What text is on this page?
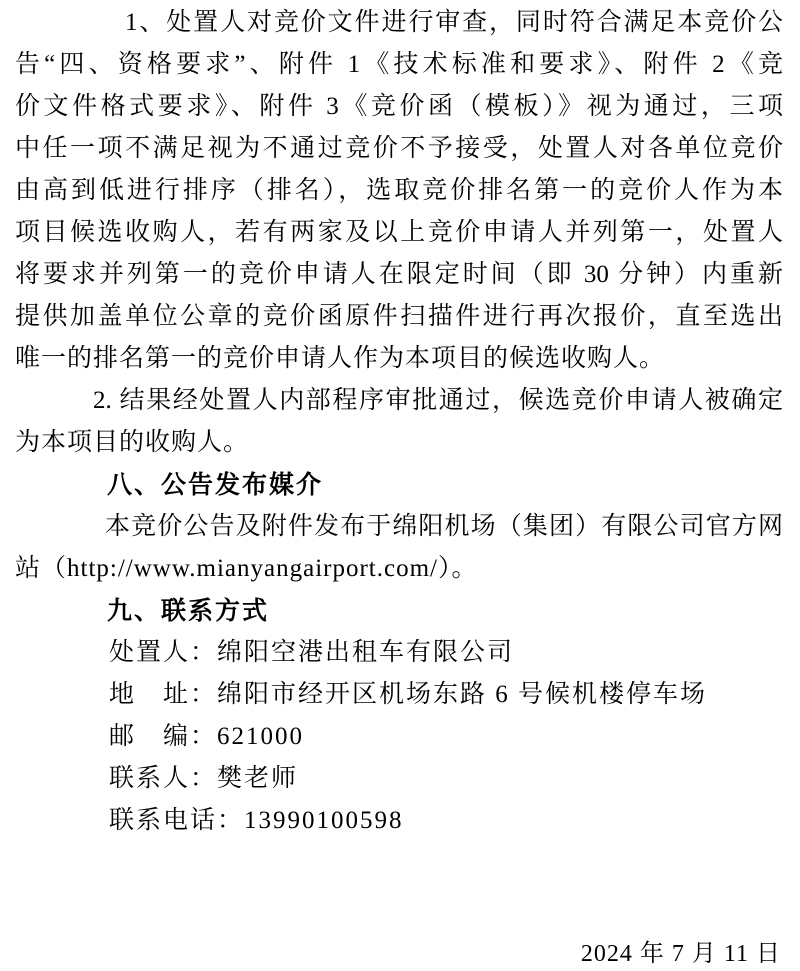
1、处置人对竞价文件进行审查，同时符合满足本竞价公
告“四、资格要求”、附件 1《技术标准和要求》、附件 2《竞
价文件格式要求》、附件 3《竞价函（模板）》视为通过，三项
中任一项不满足视为不通过竞价不予接受，处置人对各单位竞价
由高到低进行排序（排名），选取竞价排名第一的竞价人作为本
项目候选收购人，若有两家及以上竞价申请人并列第一，处置人
将要求并列第一的竞价申请人在限定时间（即 30 分钟）内重新
提供加盖单位公章的竞价函原件扫描件进行再次报价，直至选出
唯一的排名第一的竞价申请人作为本项目的候选收购人。
2. 结果经处置人内部程序审批通过，候选竞价申请人被确定
为本项目的收购人。
八、公告发布媒介
本竞价公告及附件发布于绵阳机场（集团）有限公司官方网
站（http://www.mianyangairport.com/）。
九、联系方式
处置人：绵阳空港出租车有限公司
地　址：绵阳市经开区机场东路 6 号候机楼停车场
邮　编：621000
联系人：樊老师
联系电话：13990100598
2024 年 7 月 11 日
